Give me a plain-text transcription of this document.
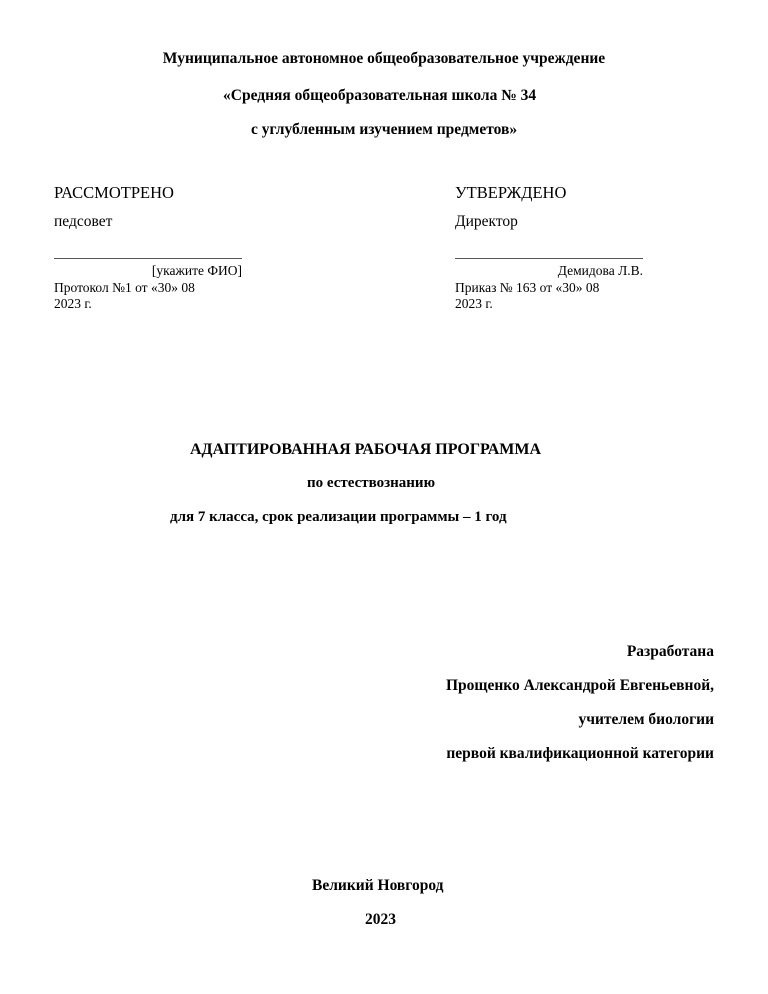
Муниципальное автономное общеобразовательное учреждение
«Средняя общеобразовательная школа № 34
с углубленным изучением предметов»
РАССМОТРЕНО
педсовет
[укажите ФИО]
Протокол №1 от «30» 08
2023 г.
УТВЕРЖДЕНО
Директор
Демидова Л.В.
Приказ № 163 от «30» 08
2023 г.
АДАПТИРОВАННАЯ РАБОЧАЯ ПРОГРАММА
по естествознанию
для 7 класса, срок реализации программы – 1 год
Разработана
Прощенко Александрой Евгеньевной,
учителем биологии
первой квалификационной категории
Великий Новгород
2023
